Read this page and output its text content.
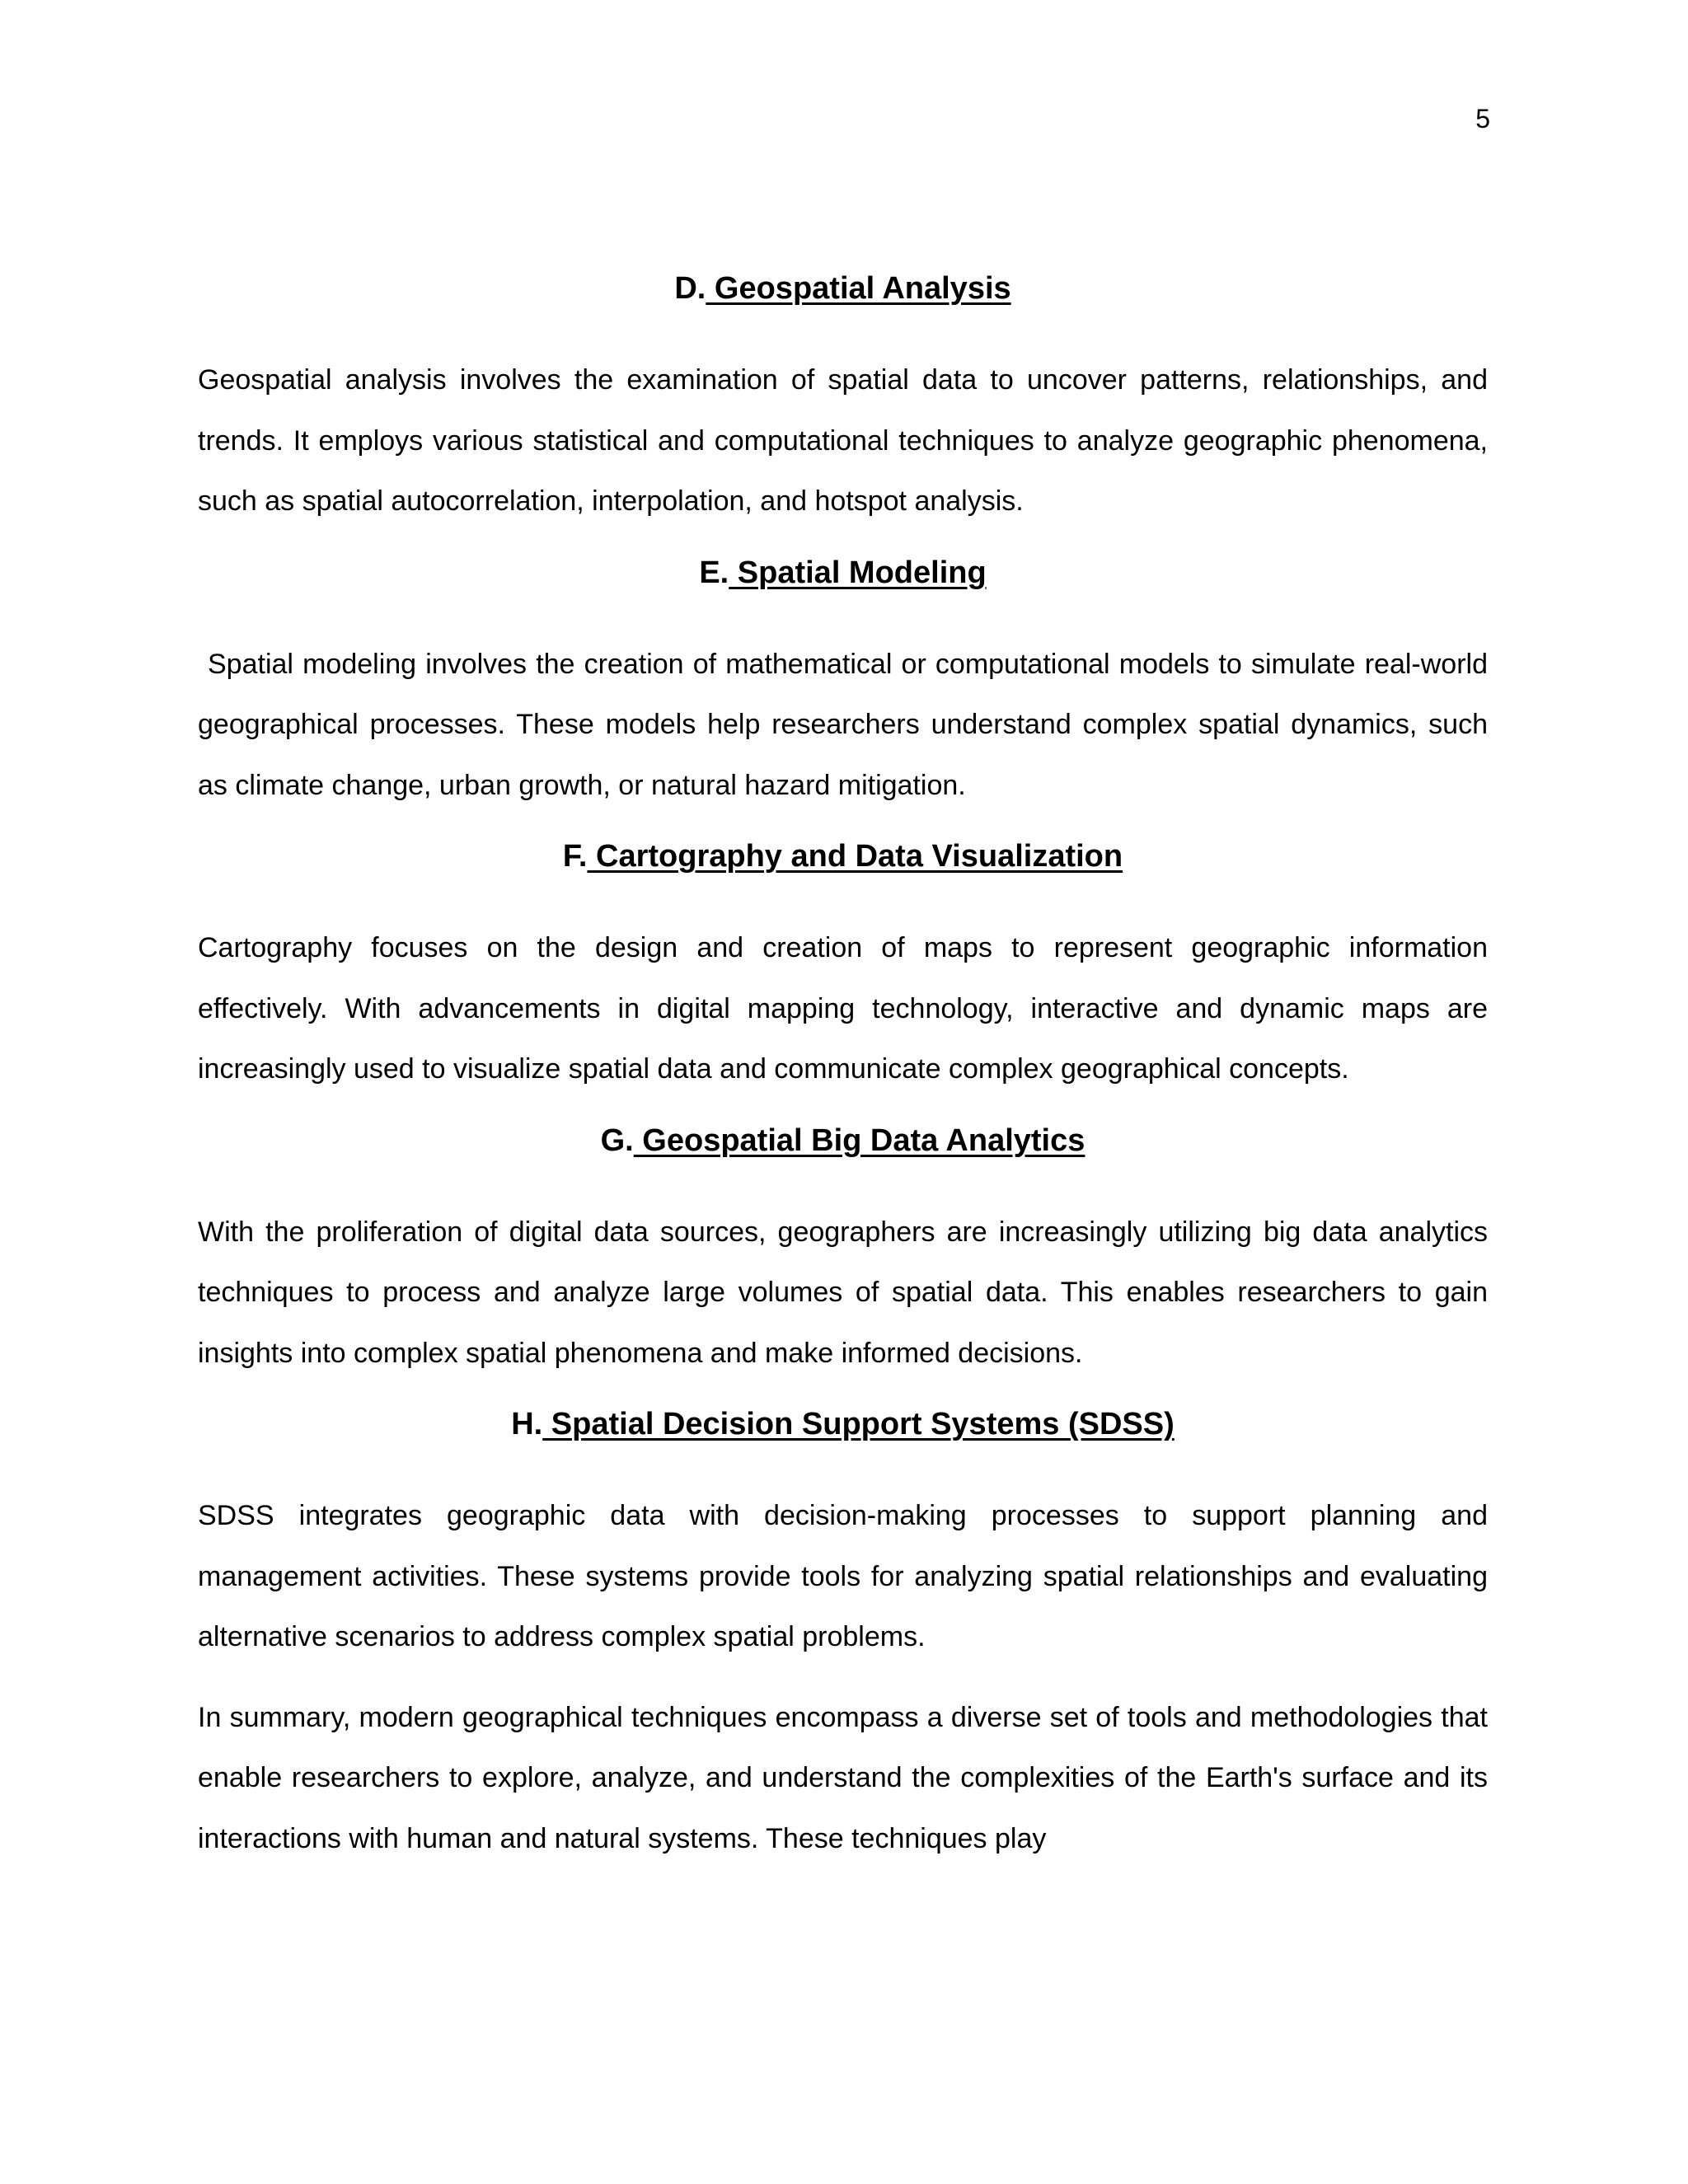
5
D. Geospatial Analysis

Geospatial analysis involves the examination of spatial data to uncover patterns, relationships, and trends. It employs various statistical and computational techniques to analyze geographic phenomena, such as spatial autocorrelation, interpolation, and hotspot analysis.

E. Spatial Modeling

Spatial modeling involves the creation of mathematical or computational models to simulate real-world geographical processes. These models help researchers understand complex spatial dynamics, such as climate change, urban growth, or natural hazard mitigation.

F. Cartography and Data Visualization

Cartography focuses on the design and creation of maps to represent geographic information effectively. With advancements in digital mapping technology, interactive and dynamic maps are increasingly used to visualize spatial data and communicate complex geographical concepts.

G. Geospatial Big Data Analytics

With the proliferation of digital data sources, geographers are increasingly utilizing big data analytics techniques to process and analyze large volumes of spatial data. This enables researchers to gain insights into complex spatial phenomena and make informed decisions.

H. Spatial Decision Support Systems (SDSS)

SDSS integrates geographic data with decision-making processes to support planning and management activities. These systems provide tools for analyzing spatial relationships and evaluating alternative scenarios to address complex spatial problems.

In summary, modern geographical techniques encompass a diverse set of tools and methodologies that enable researchers to explore, analyze, and understand the complexities of the Earth's surface and its interactions with human and natural systems. These techniques play
